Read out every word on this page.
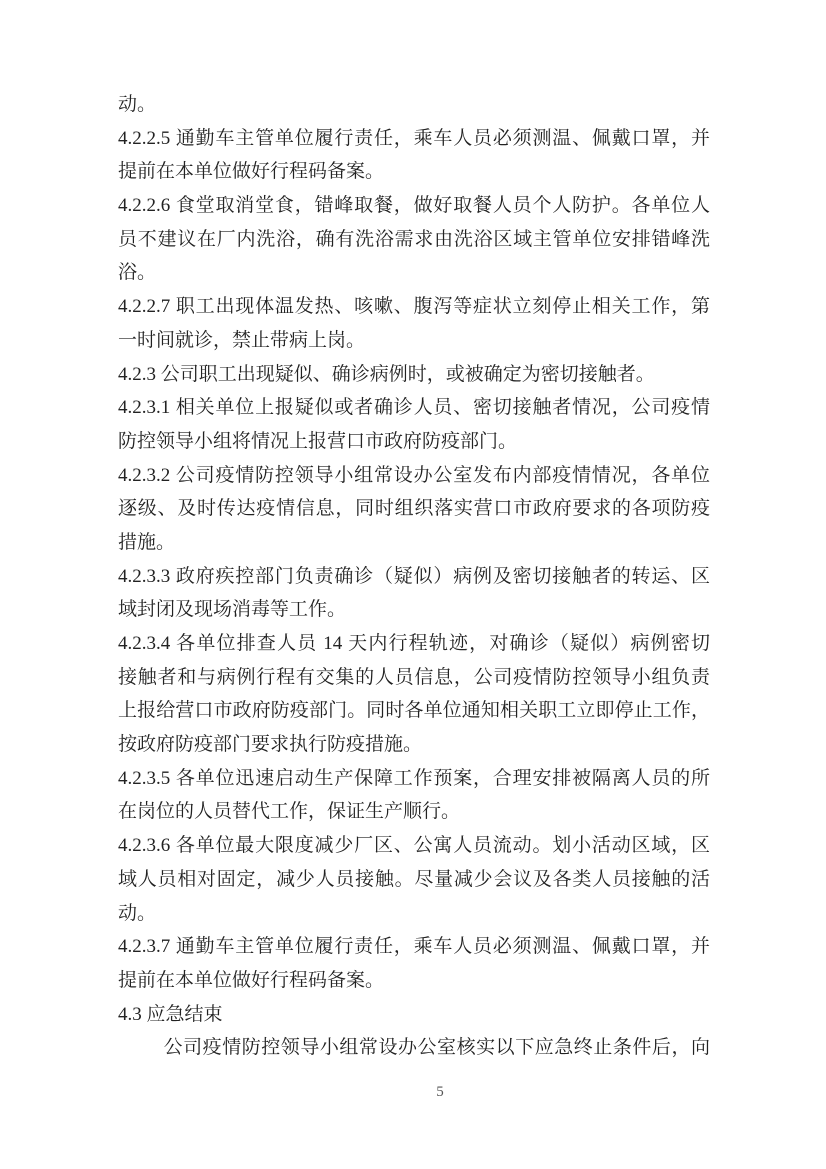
动。
4.2.2.5 通勤车主管单位履行责任，乘车人员必须测温、佩戴口罩，并
提前在本单位做好行程码备案。
4.2.2.6 食堂取消堂食，错峰取餐，做好取餐人员个人防护。各单位人
员不建议在厂内洗浴，确有洗浴需求由洗浴区域主管单位安排错峰洗
浴。
4.2.2.7 职工出现体温发热、咳嗽、腹泻等症状立刻停止相关工作，第
一时间就诊，禁止带病上岗。
4.2.3 公司职工出现疑似、确诊病例时，或被确定为密切接触者。
4.2.3.1 相关单位上报疑似或者确诊人员、密切接触者情况，公司疫情
防控领导小组将情况上报营口市政府防疫部门。
4.2.3.2 公司疫情防控领导小组常设办公室发布内部疫情情况，各单位
逐级、及时传达疫情信息，同时组织落实营口市政府要求的各项防疫
措施。
4.2.3.3 政府疾控部门负责确诊（疑似）病例及密切接触者的转运、区
域封闭及现场消毒等工作。
4.2.3.4 各单位排查人员 14 天内行程轨迹，对确诊（疑似）病例密切
接触者和与病例行程有交集的人员信息，公司疫情防控领导小组负责
上报给营口市政府防疫部门。同时各单位通知相关职工立即停止工作，
按政府防疫部门要求执行防疫措施。
4.2.3.5 各单位迅速启动生产保障工作预案，合理安排被隔离人员的所
在岗位的人员替代工作，保证生产顺行。
4.2.3.6 各单位最大限度减少厂区、公寓人员流动。划小活动区域，区
域人员相对固定，减少人员接触。尽量减少会议及各类人员接触的活
动。
4.2.3.7 通勤车主管单位履行责任，乘车人员必须测温、佩戴口罩，并
提前在本单位做好行程码备案。
4.3 应急结束
公司疫情防控领导小组常设办公室核实以下应急终止条件后，向
5
